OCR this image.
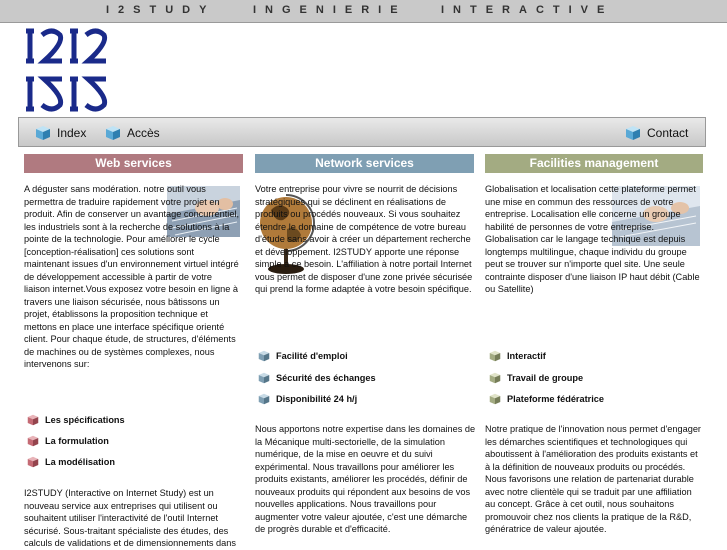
I2STUDY	INGENIERIE	INTERACTIVE
Index	Accès	Contact
Web services	Network services	Facilities management
A déguster sans modération. notre outil vous permettra de traduire rapidement votre projet en produit. Afin de conserver un avantage concurrentiel, les industriels sont à la recherche de solutions à la pointe de la technologie. Pour améliorer le cycle [conception-réalisation] ces solutions sont maintenant issues d'un environnement virtuel intégré de développement accessible à partir de votre liaison internet.Vous exposez votre besoin en ligne à travers une liaison sécurisée, nous bâtissons un projet, établissons la proposition technique et mettons en place une interface spécifique orienté client. Pour chaque étude, de structures, d'éléments de machines ou de systèmes complexes, nous intervenons sur:
Les spécifications
La formulation
La modélisation
I2STUDY (Interactive on Internet Study) est un nouveau service aux entreprises qui utilisent ou souhaitent utiliser l'interactivité de l'outil Internet sécurisé. Sous-traitant spécialiste des études, des calculs de validations et de dimensionnements dans
Votre entreprise pour vivre se nourrit de décisions stratégiques qui se déclinent en réalisations de produits ou procédés nouveaux. Si vous souhaitez étendre le domaine de compétence de votre bureau d'étude sans avoir à créer un département recherche et développement. I2STUDY apporte une réponse simple à ce besoin. L'affiliation à notre portail Internet vous permet de disposer d'une zone privée sécurisée qui prend la forme adaptée à votre besoin spécifique.
Facilité d'emploi
Sécurité des échanges
Disponibilité 24 h/j
Nous apportons notre expertise dans les domaines de la Mécanique multi-sectorielle, de la simulation numérique, de la mise en oeuvre et du suivi expérimental. Nous travaillons pour améliorer les produits existants, améliorer les procédés, définir de nouveaux produits qui répondent aux besoins de vos nouvelles applications. Nous travaillons pour augmenter votre valeur ajoutée, c'est une démarche de progrès durable et d'efficacité.
Globalisation et localisation cette plateforme permet une mise en commun des ressources de votre entreprise. Localisation elle concerne un groupe habilité de personnes de votre entreprise. Globalisation car le langage technique est depuis longtemps multilingue, chaque individu du groupe peut se trouver sur n'importe quel site. Une seule contrainte disposer d'une liaison IP haut débit (Cable ou Satellite)
Interactif
Travail de groupe
Plateforme fédératrice
Notre pratique de l'innovation nous permet d'engager les démarches scientifiques et technologiques qui aboutissent à l'amélioration des produits existants et à la définition de nouveaux produits ou procédés. Nous favorisons une relation de partenariat durable avec notre clientèle qui se traduit par une affiliation au concept. Grâce à cet outil, nous souhaitons promouvoir chez nos clients la pratique de la R&D, génératrice de valeur ajoutée.
